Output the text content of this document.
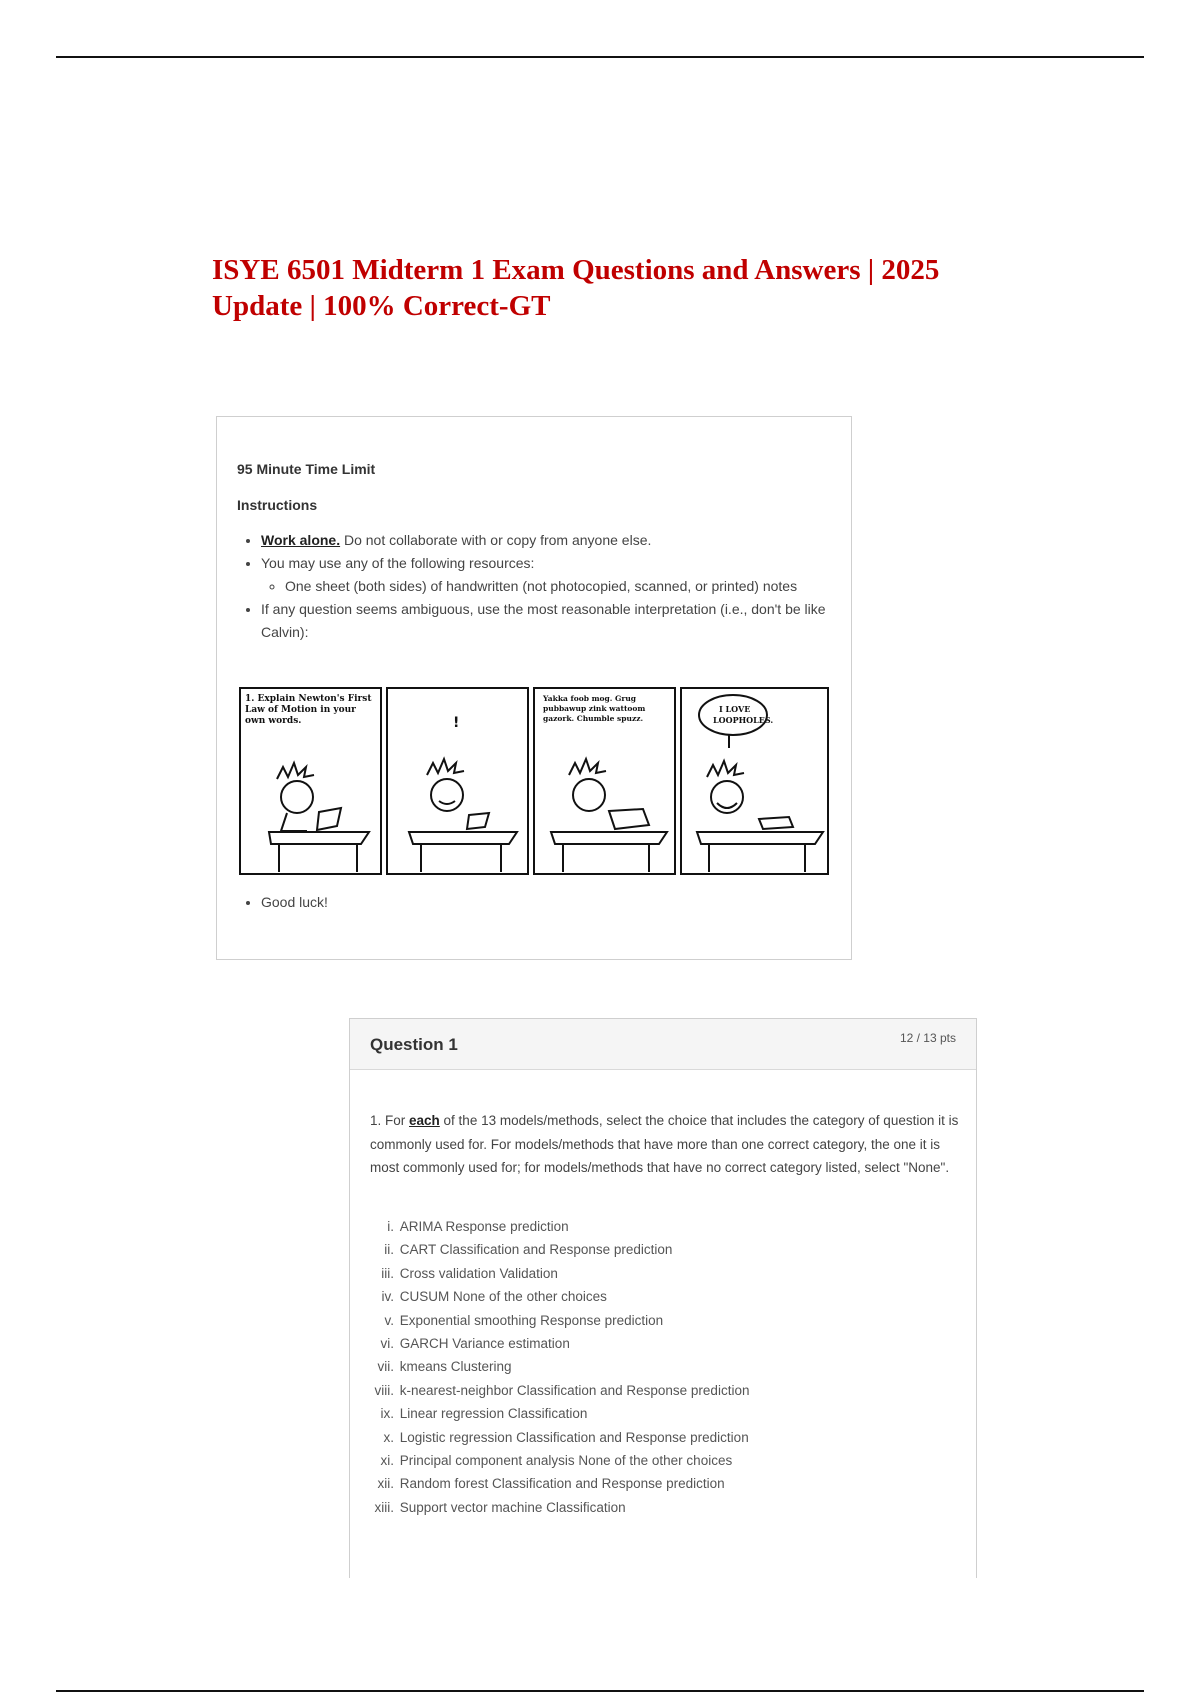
ISYE 6501 Midterm 1 Exam Questions and Answers | 2025 Update | 100% Correct-GT
95 Minute Time Limit
Instructions
• Work alone. Do not collaborate with or copy from anyone else.
• You may use any of the following resources:
◦ One sheet (both sides) of handwritten (not photocopied, scanned, or printed) notes
• If any question seems ambiguous, use the most reasonable interpretation (i.e., don't be like Calvin):
1. Explain Newton's First Law of Motion in your own words.	!
Yakka foob mog. Grug pubbawup zink wattoom gazork. Chumble spuzz.
I LOVE LOOPHOLES.
• Good luck!
Question 1	12 / 13 pts

1. For each of the 13 models/methods, select the choice that includes the category of question it is commonly used for. For models/methods that have more than one correct category, the one it is most commonly used for; for models/methods that have no correct category listed, select "None".

i.
ARIMA Response prediction
ii.
CART Classification and Response prediction
iii.
Cross validation Validation
iv.
CUSUM None of the other choices
v.
Exponential smoothing Response prediction
vi.
GARCH Variance estimation
vii.
kmeans Clustering
viii.
k-nearest-neighbor Classification and Response prediction
ix.
Linear regression Classification
x.
Logistic regression Classification and Response prediction
xi.
Principal component analysis None of the other choices
xii.
Random forest Classification and Response prediction
xiii.
Support vector machine Classification
